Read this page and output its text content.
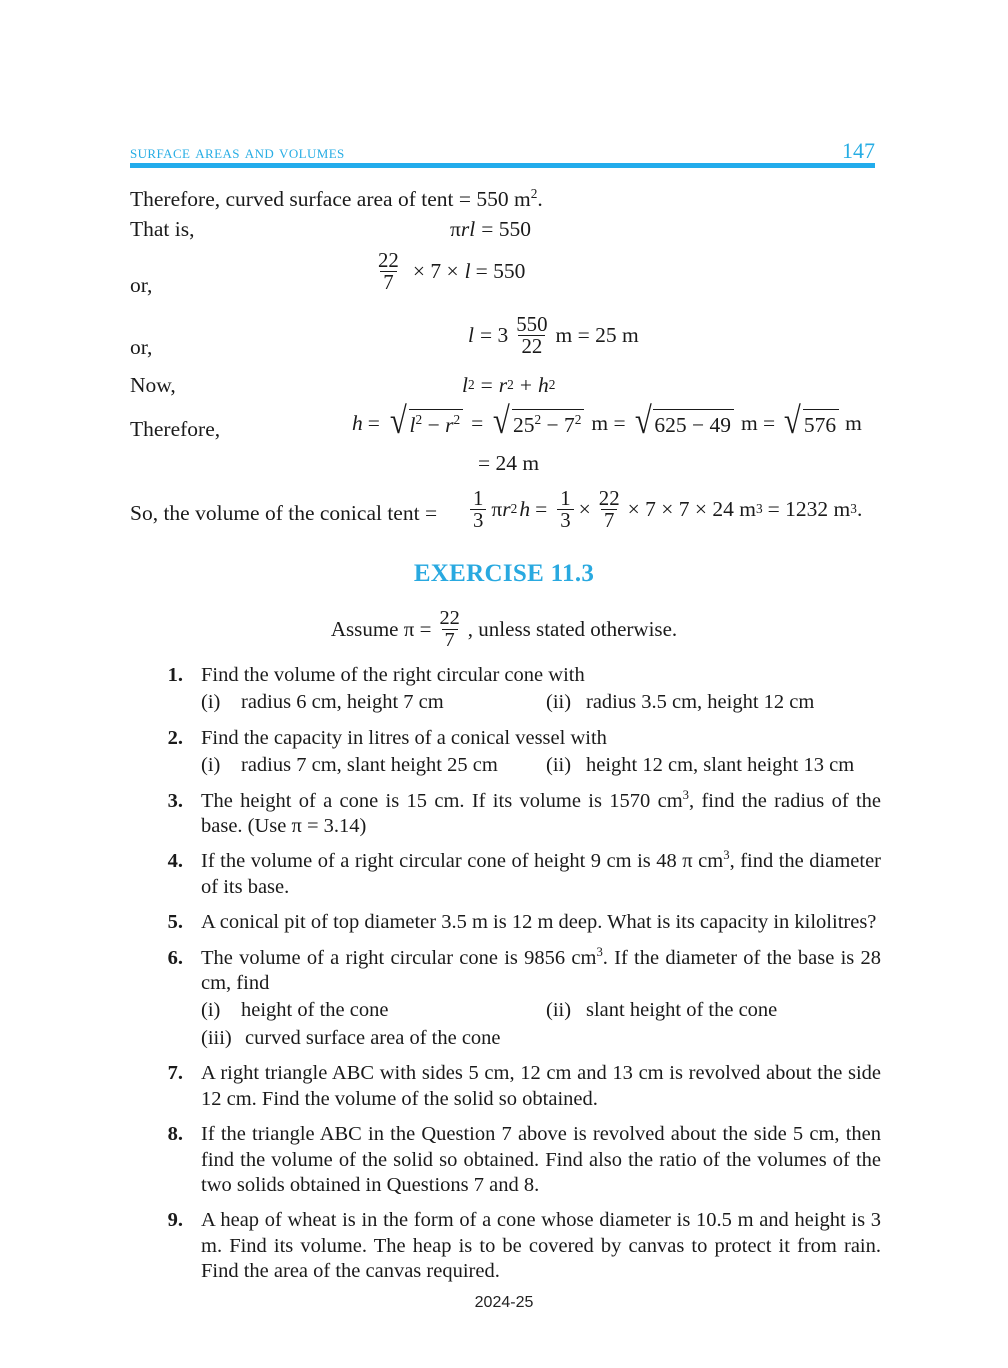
surface areas and volumes	147
Therefore, curved surface area of tent = 550 $m^2$.
That is,	π rl = 550
or,	$\frac{22}{7} \times 7 \times l = 550$
or,	$l = 3 \frac{550}{22}$ m = 25 m
Now,	l 2 = r 2 + h 2
Therefore,	h = √ $l^2 - r^2$ = √ $25^2 - 7^2$ m = √ 625 − 49 m = √ 576 m
= 24 m
So, the volume of the conical tent = $\frac{1}{3}$ π r 2 $h = \frac{1}{3} \times \frac{22}{7} \times 7 \times 7 \times 24$ m 3 = 1232 m 3 .
EXERCISE 11.3
Assume $\pi = \frac{22}{7}$ , unless stated otherwise.
1. Find the volume of the right circular cone with
(i)	radius 6 cm, height 7 cm	(ii) radius 3.5 cm, height 12 cm
2. Find the capacity in litres of a conical vessel with
(i)	radius 7 cm, slant height 25 cm (ii) height 12 cm, slant height 13 cm
3. The height of a cone is 15 cm. If its volume is 1570 $cm^3$, find the radius of the base. (Use π = 3.14)
4. If the volume of a right circular cone of height 9 cm is 48 π $cm^3$, find the diameter of its base.
5. A conical pit of top diameter 3.5 m is 12 m deep. What is its capacity in kilolitres?
6. The volume of a right circular cone is 9856 $cm^3$. If the diameter of the base is 28 cm, find
(i)	height of the cone	(ii) slant height of the cone
(iii) curved surface area of the cone
7. A right triangle ABC with sides 5 cm, 12 cm and 13 cm is revolved about the side 12 cm. Find the volume of the solid so obtained.
8. If the triangle ABC in the Question 7 above is revolved about the side 5 cm, then find the volume of the solid so obtained. Find also the ratio of the volumes of the two solids obtained in Questions 7 and 8.
9. A heap of wheat is in the form of a cone whose diameter is 10.5 m and height is 3 m. Find its volume. The heap is to be covered by canvas to protect it from rain. Find the area of the canvas required.
2024-25
